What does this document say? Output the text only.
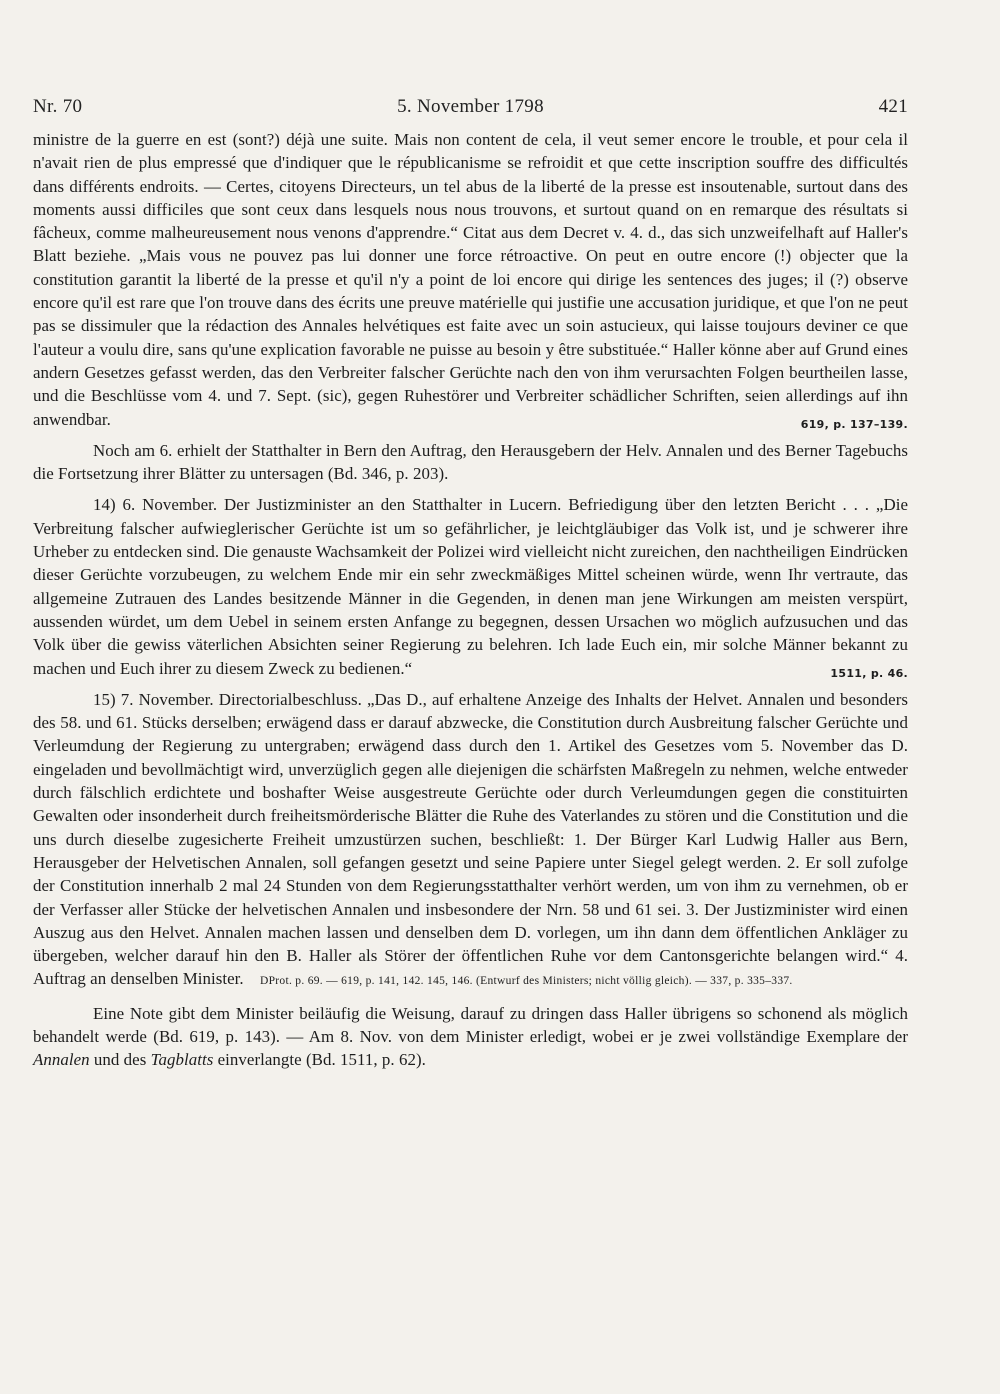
Nr. 70	5. November 1798	421

ministre de la guerre en est (sont?) déjà une suite. Mais non content de cela, il veut semer encore le trouble, et pour cela il n'avait rien de plus empressé que d'indiquer que le républicanisme se refroidit et que cette inscription souffre des difficultés dans différents endroits. — Certes, citoyens Directeurs, un tel abus de la liberté de la presse est insoutenable, surtout dans des moments aussi difficiles que sont ceux dans lesquels nous nous trouvons, et surtout quand on en remarque des résultats si fâcheux, comme malheureusement nous venons d'apprendre.“ Citat aus dem Decret v. 4. d., das sich unzweifelhaft auf Haller's Blatt beziehe. „Mais vous ne pouvez pas lui donner une force rétroactive. On peut en outre encore (!) objecter que la constitution garantit la liberté de la presse et qu'il n'y a point de loi encore qui dirige les sentences des juges; il (?) observe encore qu'il est rare que l'on trouve dans des écrits une preuve matérielle qui justifie une accusation juridique, et que l'on ne peut pas se dissimuler que la rédaction des Annales helvétiques est faite avec un soin astucieux, qui laisse toujours deviner ce que l'auteur a voulu dire, sans qu'une explication favorable ne puisse au besoin y être substituée.“ Haller könne aber auf Grund eines andern Gesetzes gefasst werden, das den Verbreiter falscher Gerüchte nach den von ihm verursachten Folgen beurtheilen lasse, und die Beschlüsse vom 4. und 7. Sept. (sic), gegen Ruhestörer und Verbreiter schädlicher Schriften, seien allerdings auf ihn anwendbar.	619, p. 137–139.

Noch am 6. erhielt der Statthalter in Bern den Auftrag, den Herausgebern der Helv. Annalen und des Berner Tagebuchs die Fortsetzung ihrer Blätter zu untersagen (Bd. 346, p. 203).

14) 6. November. Der Justizminister an den Statthalter in Lucern. Befriedigung über den letzten Bericht . . . „Die Verbreitung falscher aufwieglerischer Gerüchte ist um so gefährlicher, je leichtgläubiger das Volk ist, und je schwerer ihre Urheber zu entdecken sind. Die genauste Wachsamkeit der Polizei wird vielleicht nicht zureichen, den nachtheiligen Eindrücken dieser Gerüchte vorzubeugen, zu welchem Ende mir ein sehr zweckmäßiges Mittel scheinen würde, wenn Ihr vertraute, das allgemeine Zutrauen des Landes besitzende Männer in die Gegenden, in denen man jene Wirkungen am meisten verspürt, aussenden würdet, um dem Uebel in seinem ersten Anfange zu begegnen, dessen Ursachen wo möglich aufzusuchen und das Volk über die gewiss väterlichen Absichten seiner Regierung zu belehren. Ich lade Euch ein, mir solche Männer bekannt zu machen und Euch ihrer zu diesem Zweck zu bedienen.“	1511, p. 46.

15) 7. November. Directorialbeschluss. „Das D., auf erhaltene Anzeige des Inhalts der Helvet. Annalen und besonders des 58. und 61. Stücks derselben; erwägend dass er darauf abzwecke, die Constitution durch Ausbreitung falscher Gerüchte und Verleumdung der Regierung zu untergraben; erwägend dass durch den 1. Artikel des Gesetzes vom 5. November das D. eingeladen und bevollmächtigt wird, unverzüglich gegen alle diejenigen die schärfsten Maßregeln zu nehmen, welche entweder durch fälschlich erdichtete und boshafter Weise ausgestreute Gerüchte oder durch Verleumdungen gegen die constituirten Gewalten oder insonderheit durch freiheitsmörderische Blätter die Ruhe des Vaterlandes zu stören und die Constitution und die uns durch dieselbe zugesicherte Freiheit umzustürzen suchen, beschließt: 1. Der Bürger Karl Ludwig Haller aus Bern, Herausgeber der Helvetischen Annalen, soll gefangen gesetzt und seine Papiere unter Siegel gelegt werden. 2. Er soll zufolge der Constitution innerhalb 2 mal 24 Stunden von dem Regierungsstatthalter verhört werden, um von ihm zu vernehmen, ob er der Verfasser aller Stücke der helvetischen Annalen und insbesondere der Nrn. 58 und 61 sei. 3. Der Justizminister wird einen Auszug aus den Helvet. Annalen machen lassen und denselben dem D. vorlegen, um ihn dann dem öffentlichen Ankläger zu übergeben, welcher darauf hin den B. Haller als Störer der öffentlichen Ruhe vor dem Cantonsgerichte belangen wird.“ 4. Auftrag an denselben Minister. DProt. p. 69. — 619, p. 141, 142. 145, 146. (Entwurf des Ministers; nicht völlig gleich). — 337, p. 335–337.

Eine Note gibt dem Minister beiläufig die Weisung, darauf zu dringen dass Haller übrigens so schonend als möglich behandelt werde (Bd. 619, p. 143). — Am 8. Nov. von dem Minister erledigt, wobei er je zwei vollständige Exemplare der Annalen und des Tagblatts einverlangte (Bd. 1511, p. 62).
